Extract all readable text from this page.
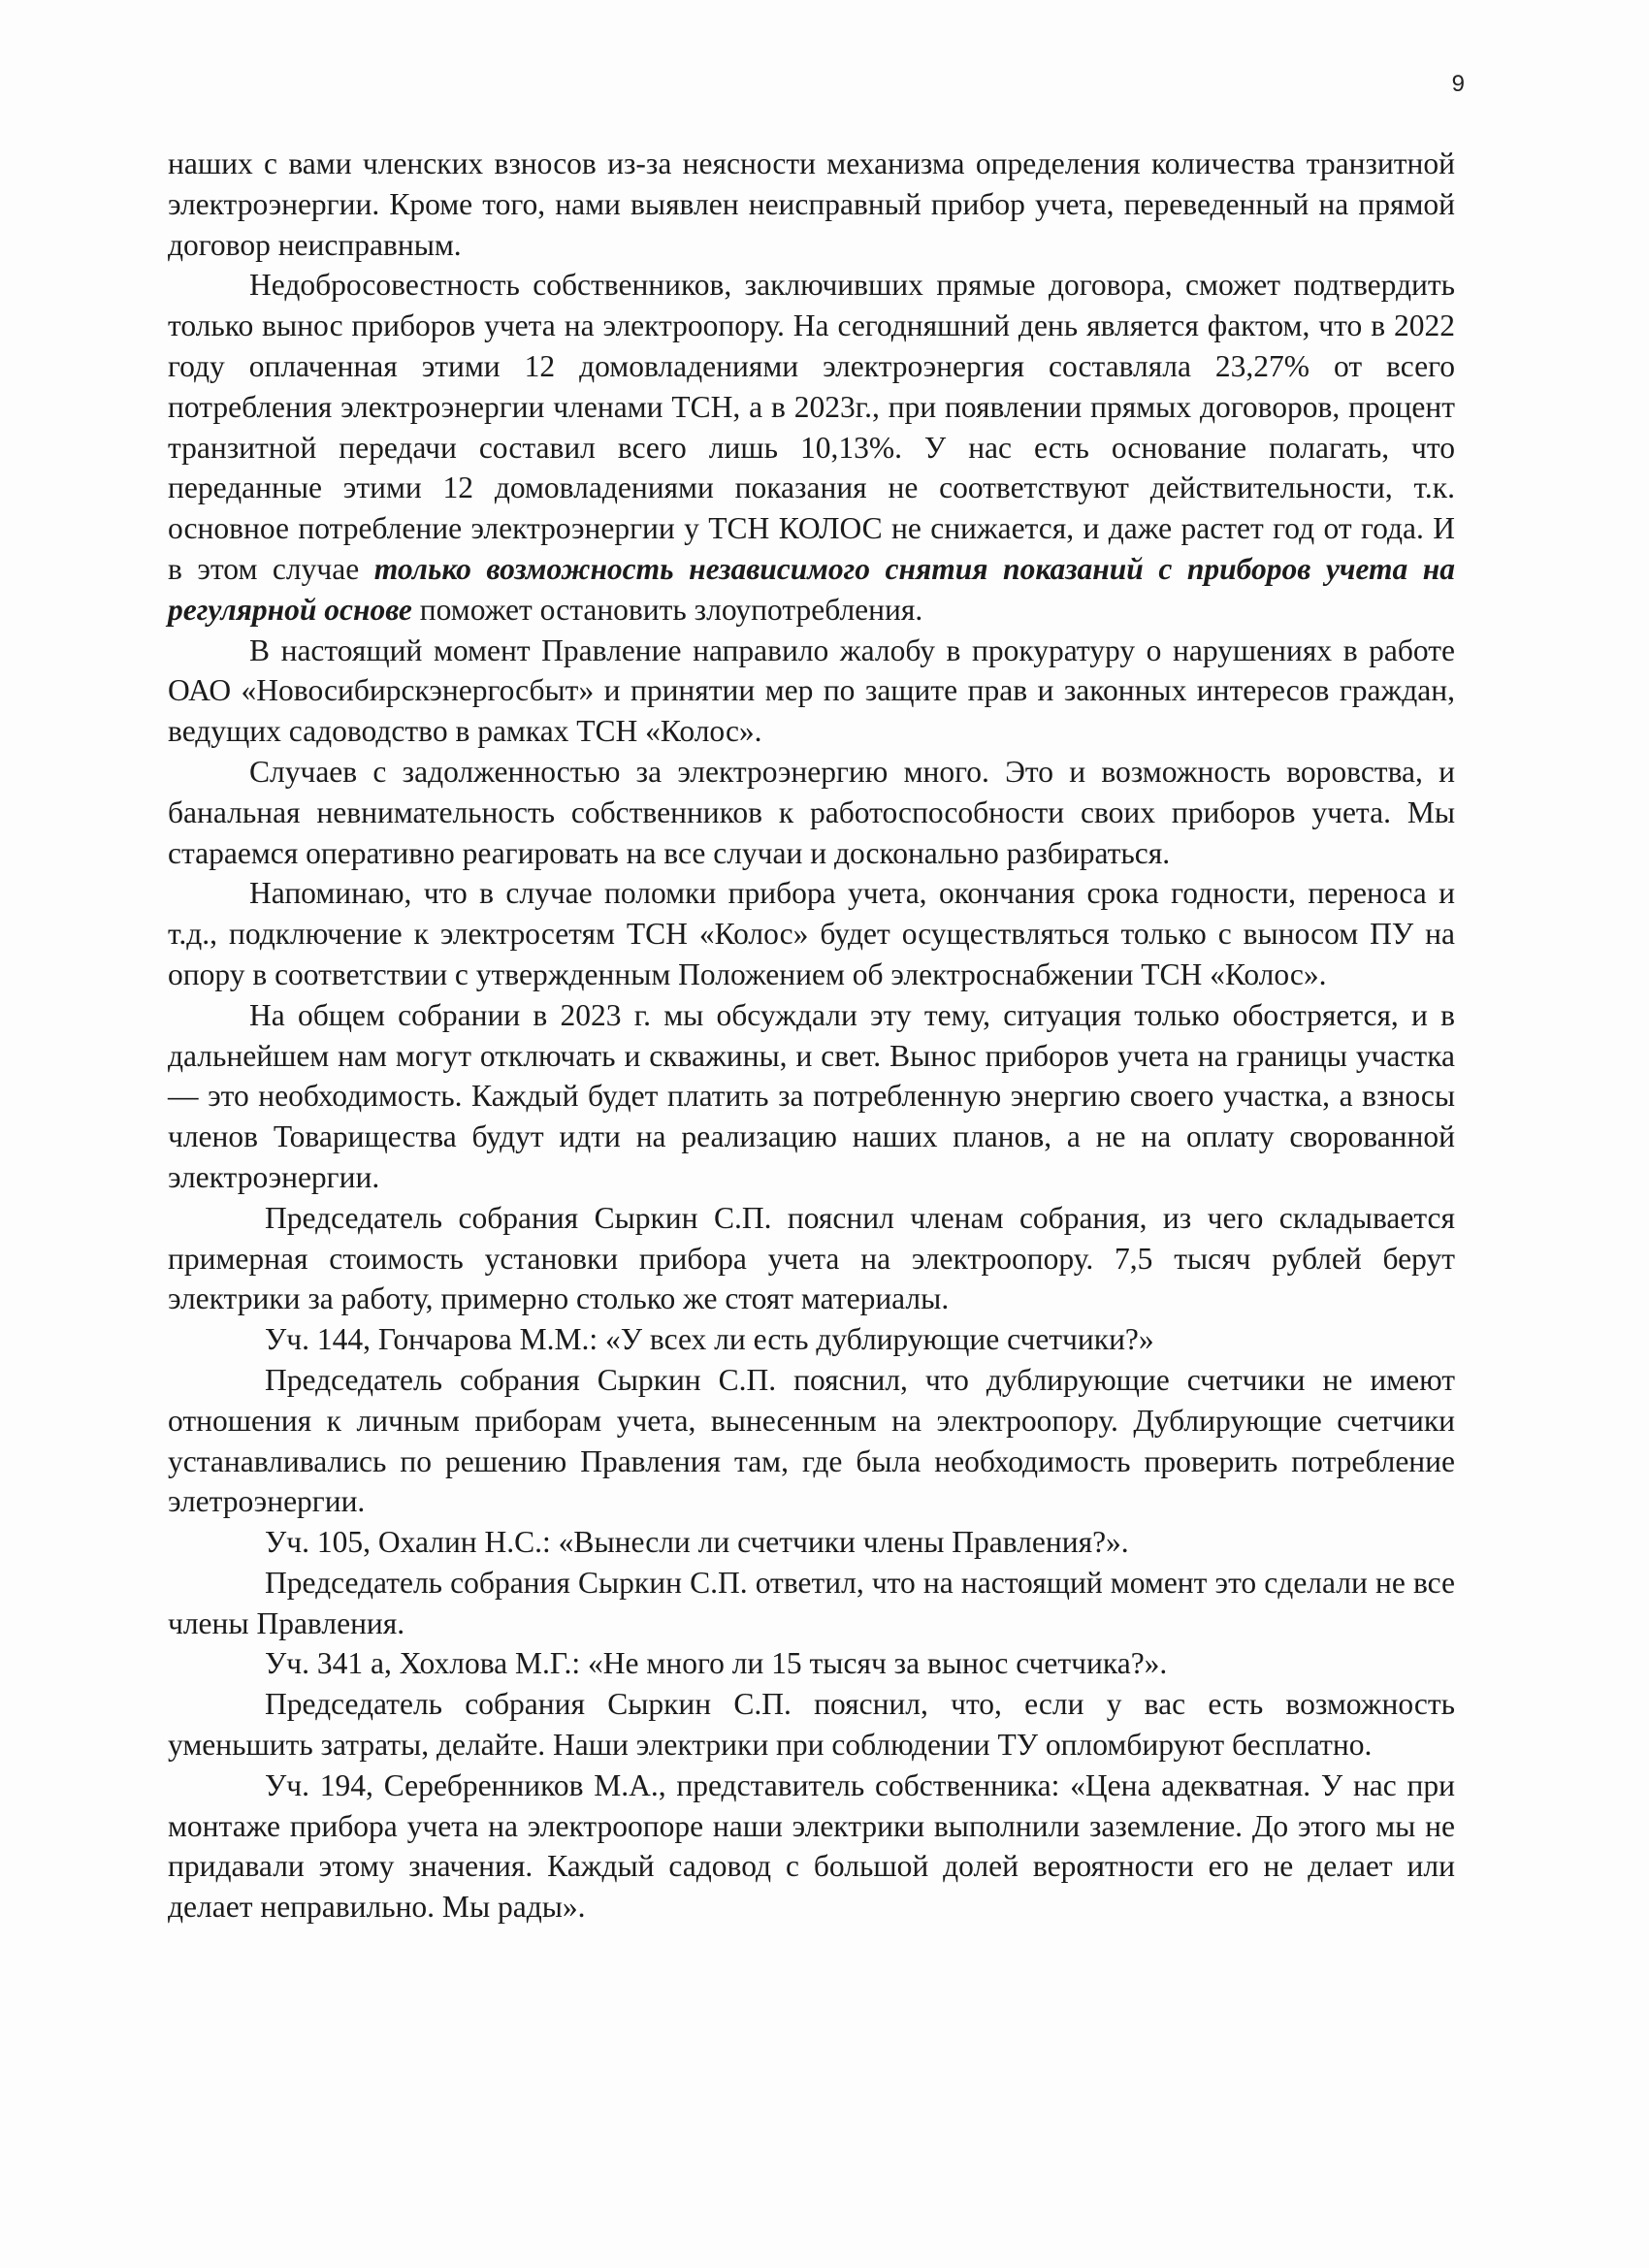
9

наших с вами членских взносов из-за неясности механизма определения количества транзитной электроэнергии. Кроме того, нами выявлен неисправный прибор учета, переведенный на прямой договор неисправным.

Недобросовестность собственников, заключивших прямые договора, сможет подтвердить только вынос приборов учета на электроопору. На сегодняшний день является фактом, что в 2022 году оплаченная этими 12 домовладениями электроэнергия составляла 23,27% от всего потребления электроэнергии членами ТСН, а в 2023г., при появлении прямых договоров, процент транзитной передачи составил всего лишь 10,13%. У нас есть основание полагать, что переданные этими 12 домовладениями показания не соответствуют действительности, т.к. основное потребление электроэнергии у ТСН КОЛОС не снижается, и даже растет год от года. И в этом случае только возможность независимого снятия показаний с приборов учета на регулярной основе поможет остановить злоупотребления.

В настоящий момент Правление направило жалобу в прокуратуру о нарушениях в работе ОАО «Новосибирскэнергосбыт» и принятии мер по защите прав и законных интересов граждан, ведущих садоводство в рамках ТСН «Колос».

Случаев с задолженностью за электроэнергию много. Это и возможность воровства, и банальная невнимательность собственников к работоспособности своих приборов учета. Мы стараемся оперативно реагировать на все случаи и досконально разбираться.

Напоминаю, что в случае поломки прибора учета, окончания срока годности, переноса и т.д., подключение к электросетям ТСН «Колос» будет осуществляться только с выносом ПУ на опору в соответствии с утвержденным Положением об электроснабжении ТСН «Колос».

На общем собрании в 2023 г. мы обсуждали эту тему, ситуация только обостряется, и в дальнейшем нам могут отключать и скважины, и свет. Вынос приборов учета на границы участка — это необходимость. Каждый будет платить за потребленную энергию своего участка, а взносы членов Товарищества будут идти на реализацию наших планов, а не на оплату сворованной электроэнергии.

Председатель собрания Сыркин С.П. пояснил членам собрания, из чего складывается примерная стоимость установки прибора учета на электроопору. 7,5 тысяч рублей берут электрики за работу, примерно столько же стоят материалы.

Уч. 144, Гончарова М.М.: «У всех ли есть дублирующие счетчики?»

Председатель собрания Сыркин С.П. пояснил, что дублирующие счетчики не имеют отношения к личным приборам учета, вынесенным на электроопору. Дублирующие счетчики устанавливались по решению Правления там, где была необходимость проверить потребление элетроэнергии.

Уч. 105, Охалин Н.С.: «Вынесли ли счетчики члены Правления?».

Председатель собрания Сыркин С.П. ответил, что на настоящий момент это сделали не все члены Правления.

Уч. 341 а, Хохлова М.Г.: «Не много ли 15 тысяч за вынос счетчика?».

Председатель собрания Сыркин С.П. пояснил, что, если у вас есть возможность уменьшить затраты, делайте. Наши электрики при соблюдении ТУ опломбируют бесплатно.

Уч. 194, Серебренников М.А., представитель собственника: «Цена адекватная. У нас при монтаже прибора учета на электроопоре наши электрики выполнили заземление. До этого мы не придавали этому значения. Каждый садовод с большой долей вероятности его не делает или делает неправильно. Мы рады».
